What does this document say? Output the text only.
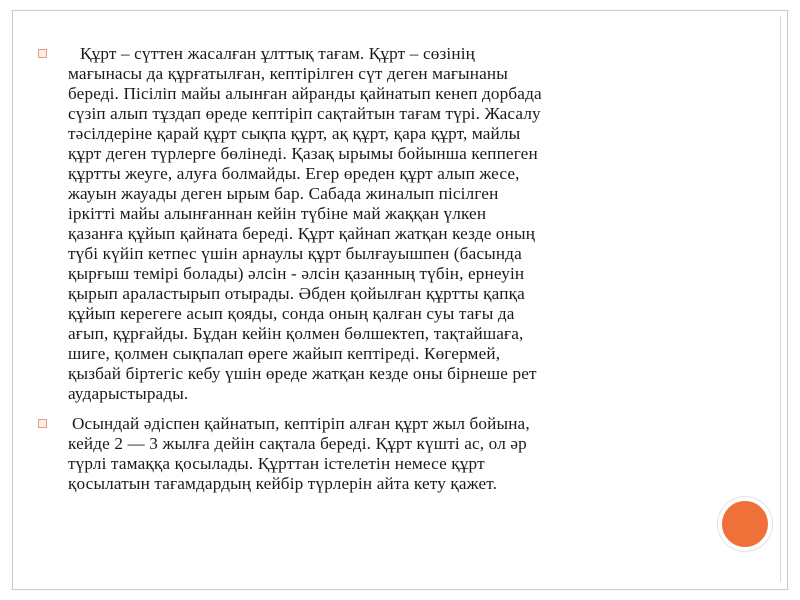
Құрт – сүттен жасалған ұлттық тағам. Құрт – сөзінің
мағынасы да құрғатылған, кептірілген сүт деген мағынаны
береді. Пісіліп майы алынған айранды қайнатып кенеп дорбада
сүзіп алып тұздап өреде кептіріп сақтайтын тағам түрі. Жасалу
тәсілдеріне қарай құрт сықпа құрт, ақ құрт, қара құрт, майлы
құрт деген түрлерге бөлінеді. Қазақ ырымы бойынша кеппеген
құртты жеуге, алуға болмайды. Егер өреден құрт алып жесе,
жауын жауады деген ырым бар. Сабада жиналып пісілген
іркітті майы алынғаннан кейін түбіне май жаққан үлкен
қазанға құйып қайната береді. Құрт қайнап жатқан кезде оның
түбі күйіп кетпес үшін арнаулы құрт былғауышпен (басында
қырғыш темірі болады) әлсін - әлсін қазанның түбін, ернеуін
қырып араластырып отырады. Әбден қойылған құртты қапқа
құйып керегеге асып қояды, сонда оның қалған суы тағы да
ағып, құрғайды. Бұдан кейін қолмен бөлшектеп, тақтайшаға,
шиге, қолмен сықпалап өреге жайып кептіреді. Көгермей,
қызбай біртегіс кебу үшін өреде жатқан кезде оны бірнеше рет
аударыстырады.
Осындай әдіспен қайнатып, кептіріп алған құрт жыл бойына,
кейде 2 — 3 жылға дейін сақтала береді. Құрт күшті ас, ол әр
түрлі тамаққа қосылады. Құрттан істелетін немесе құрт
қосылатын тағамдардың кейбір түрлерін айта кету қажет.
